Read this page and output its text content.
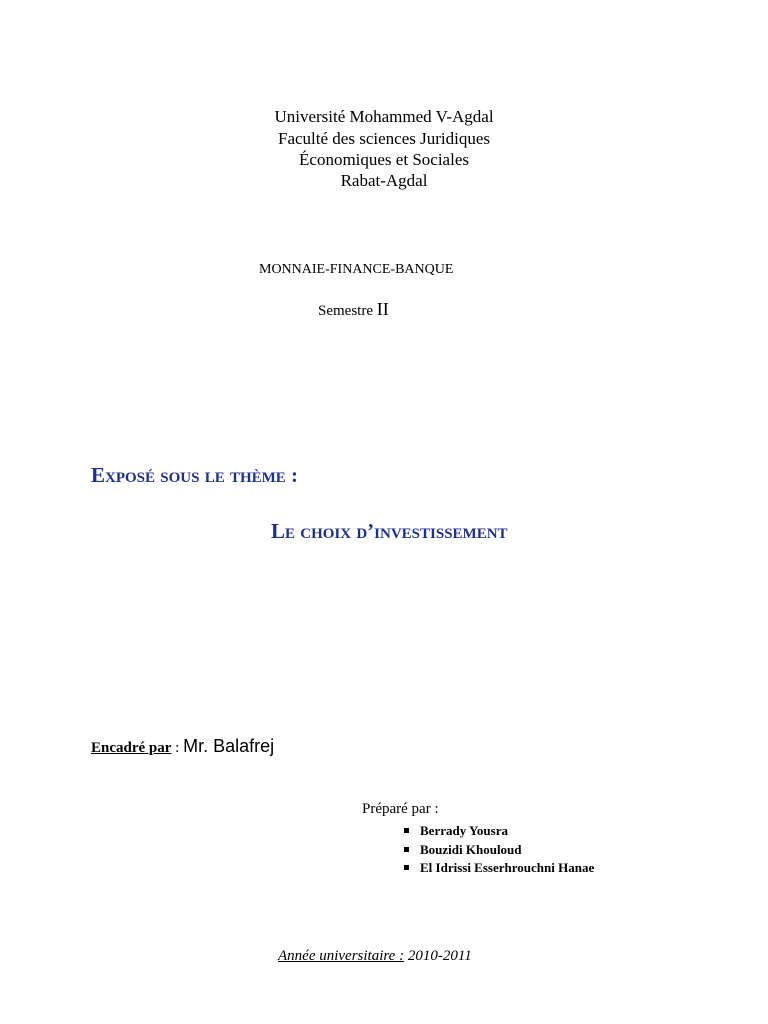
Université Mohammed V-Agdal
Faculté des sciences Juridiques
Économiques et Sociales
Rabat-Agdal
MONNAIE-FINANCE-BANQUE
Semestre II
Exposé sous le thème :
Le choix d’investissement
Encadré par : Mr. Balafrej
Préparé par :
Berrady Yousra
Bouzidi Khouloud
El Idrissi Esserhrouchni Hanae
Année universitaire : 2010-2011
